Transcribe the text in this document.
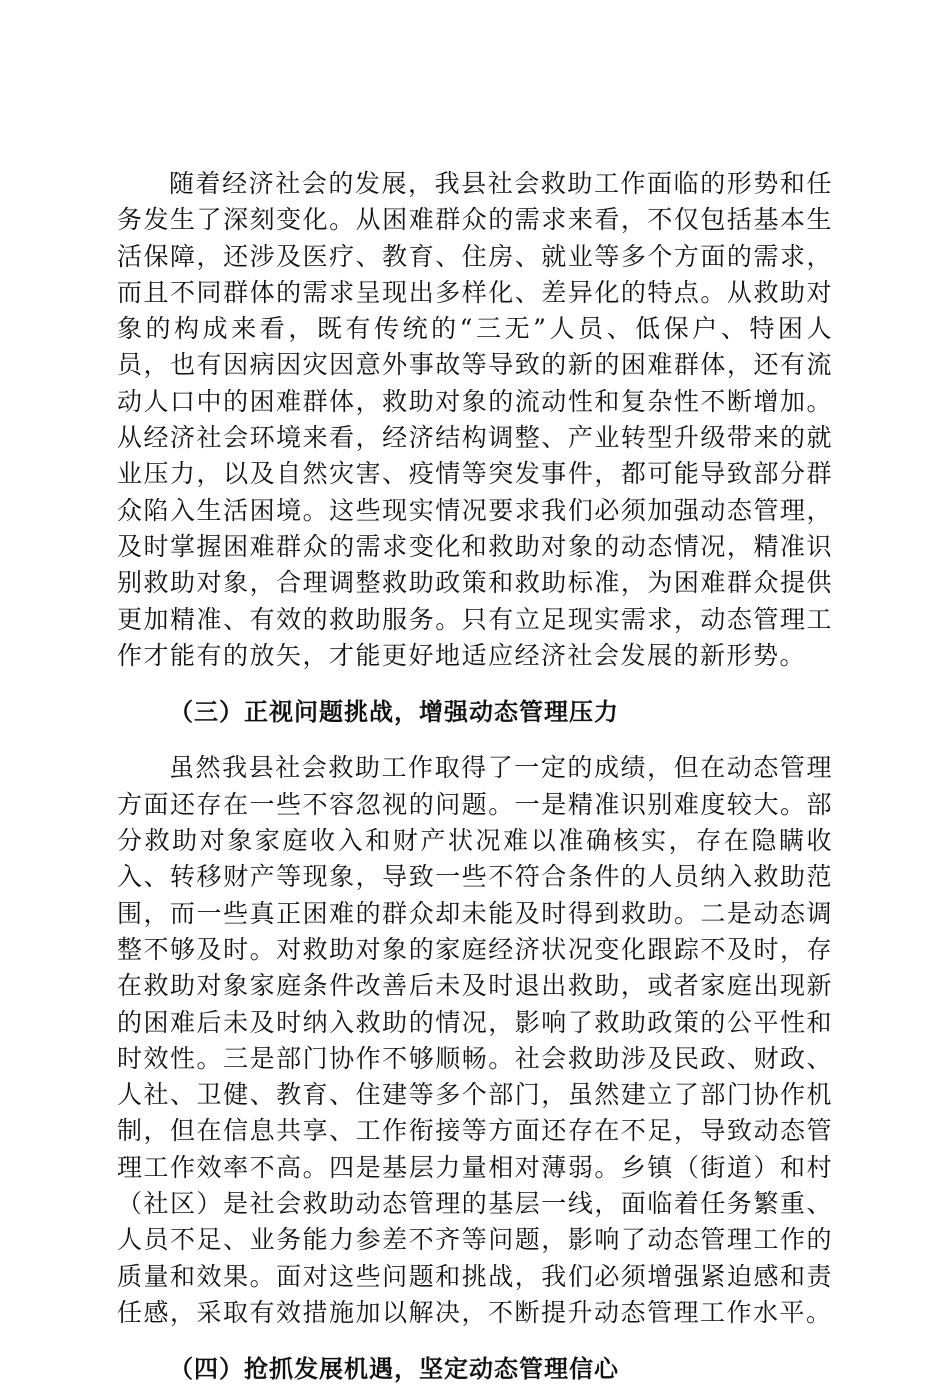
随着经济社会的发展，我县社会救助工作面临的形势和任务发生了深刻变化。从困难群众的需求来看，不仅包括基本生活保障，还涉及医疗、教育、住房、就业等多个方面的需求，而且不同群体的需求呈现出多样化、差异化的特点。从救助对象的构成来看，既有传统的“三无”人员、低保户、特困人员，也有因病因灾因意外事故等导致的新的困难群体，还有流动人口中的困难群体，救助对象的流动性和复杂性不断增加。从经济社会环境来看，经济结构调整、产业转型升级带来的就业压力，以及自然灾害、疫情等突发事件，都可能导致部分群众陷入生活困境。这些现实情况要求我们必须加强动态管理，及时掌握困难群众的需求变化和救助对象的动态情况，精准识别救助对象，合理调整救助政策和救助标准，为困难群众提供更加精准、有效的救助服务。只有立足现实需求，动态管理工作才能有的放矢，才能更好地适应经济社会发展的新形势。

（三）正视问题挑战，增强动态管理压力

虽然我县社会救助工作取得了一定的成绩，但在动态管理方面还存在一些不容忽视的问题。一是精准识别难度较大。部分救助对象家庭收入和财产状况难以准确核实，存在隐瞒收入、转移财产等现象，导致一些不符合条件的人员纳入救助范围，而一些真正困难的群众却未能及时得到救助。二是动态调整不够及时。对救助对象的家庭经济状况变化跟踪不及时，存在救助对象家庭条件改善后未及时退出救助，或者家庭出现新的困难后未及时纳入救助的情况，影响了救助政策的公平性和时效性。三是部门协作不够顺畅。社会救助涉及民政、财政、人社、卫健、教育、住建等多个部门，虽然建立了部门协作机制，但在信息共享、工作衔接等方面还存在不足，导致动态管理工作效率不高。四是基层力量相对薄弱。乡镇（街道）和村（社区）是社会救助动态管理的基层一线，面临着任务繁重、人员不足、业务能力参差不齐等问题，影响了动态管理工作的质量和效果。面对这些问题和挑战，我们必须增强紧迫感和责任感，采取有效措施加以解决，不断提升动态管理工作水平。

（四）抢抓发展机遇，坚定动态管理信心
